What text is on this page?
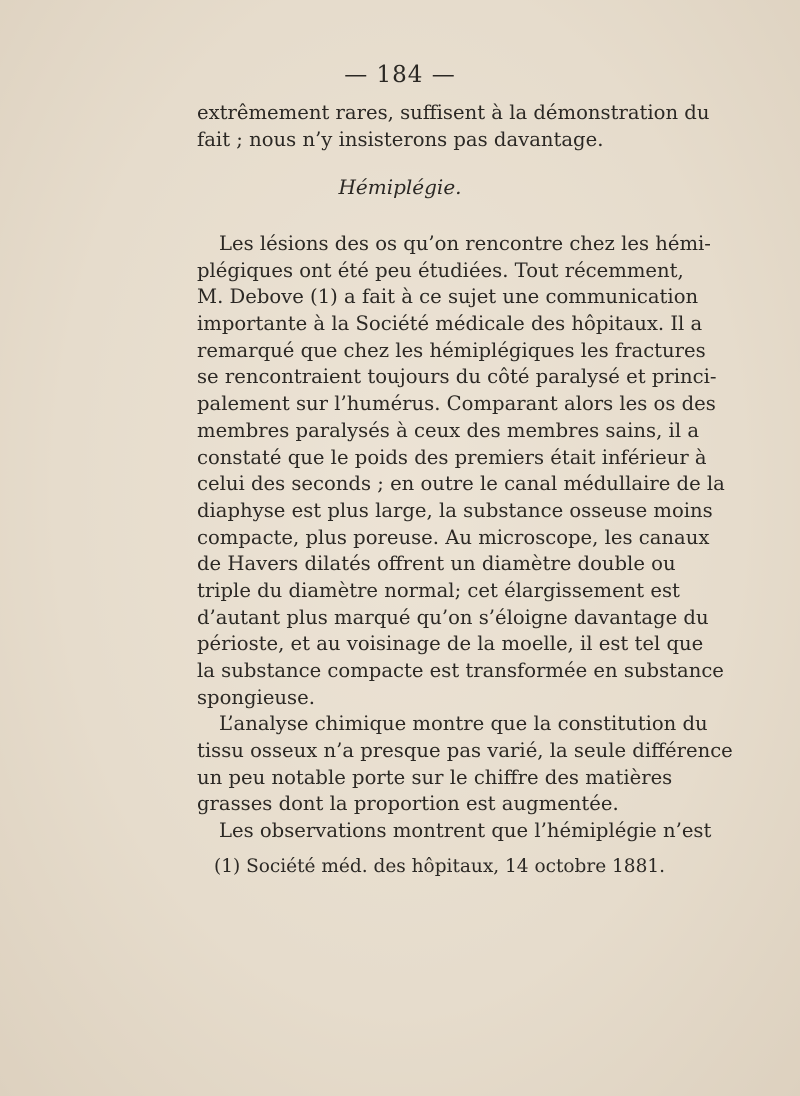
— 184 —
extrêmement rares, suffisent à la démonstration du
fait ; nous n’y insisterons pas davantage.
Hémiplégie.
Les lésions des os qu’on rencontre chez les hémi-
plégiques ont été peu étudiées. Tout récemment,
M. Debove (1) a fait à ce sujet une communication
importante à la Société médicale des hôpitaux. Il a
remarqué que chez les hémiplégiques les fractures
se rencontraient toujours du côté paralysé et princi-
palement sur l’humérus. Comparant alors les os des
membres paralysés à ceux des membres sains, il a
constaté que le poids des premiers était inférieur à
celui des seconds ; en outre le canal médullaire de la
diaphyse est plus large, la substance osseuse moins
compacte, plus poreuse. Au microscope, les canaux
de Havers dilatés offrent un diamètre double ou
triple du diamètre normal; cet élargissement est
d’autant plus marqué qu’on s’éloigne davantage du
périoste, et au voisinage de la moelle, il est tel que
la substance compacte est transformée en substance
spongieuse.
L’analyse chimique montre que la constitution du
tissu osseux n’a presque pas varié, la seule différence
un peu notable porte sur le chiffre des matières
grasses dont la proportion est augmentée.
Les observations montrent que l’hémiplégie n’est
(1) Société méd. des hôpitaux, 14 octobre 1881.
